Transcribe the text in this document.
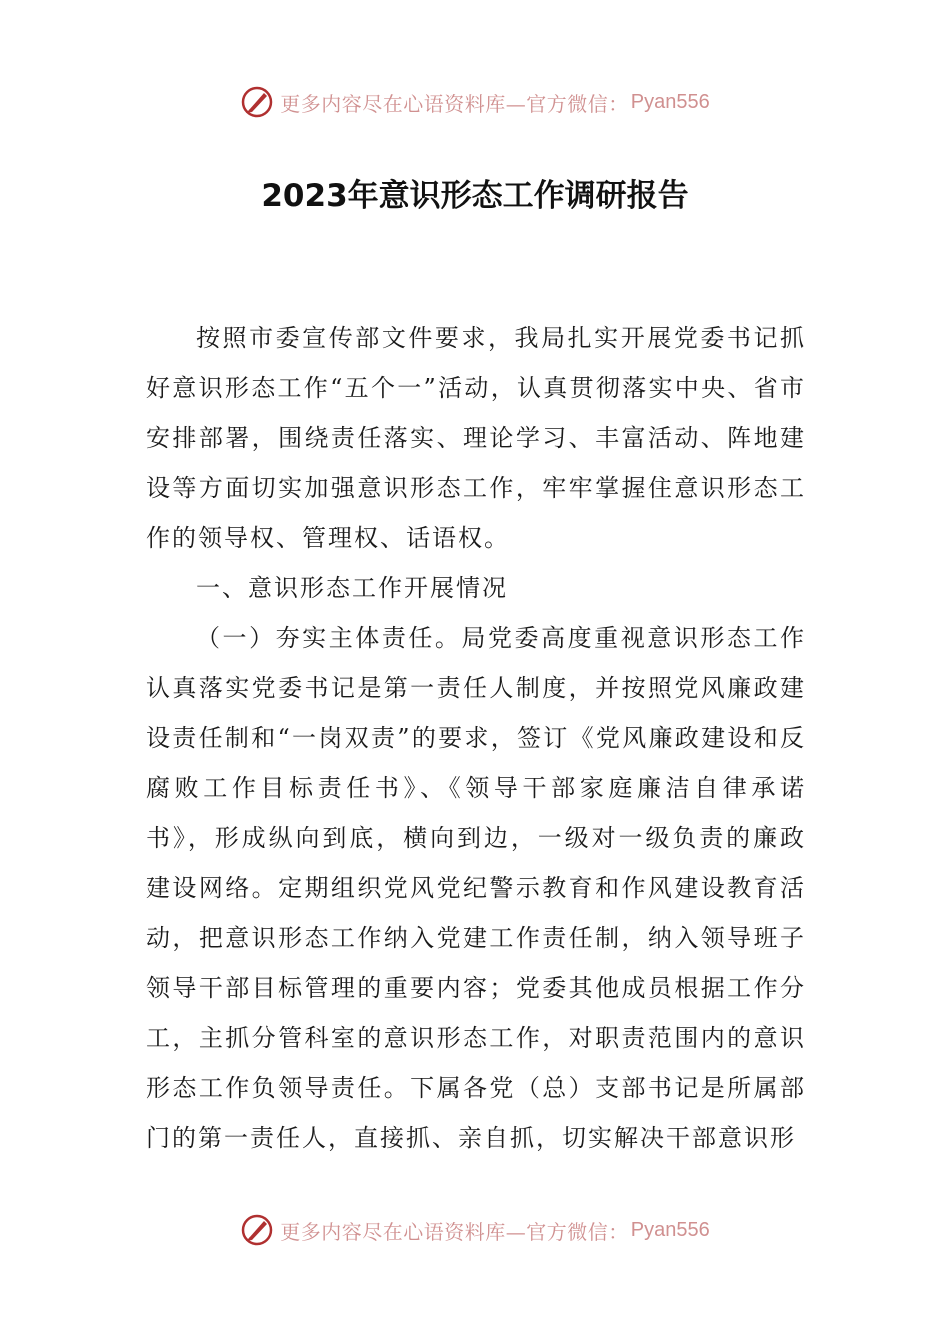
更多内容尽在心语资料库—官方微信： Pyan556
2023年意识形态工作调研报告

按照市委宣传部文件要求，我局扎实开展党委书记抓好意识形态工作“五个一”活动，认真贯彻落实中央、省市安排部署，围绕责任落实、理论学习、丰富活动、阵地建设等方面切实加强意识形态工作，牢牢掌握住意识形态工作的领导权、管理权、话语权。

一、意识形态工作开展情况

（一）夯实主体责任。局党委高度重视意识形态工作认真落实党委书记是第一责任人制度，并按照党风廉政建设责任制和“一岗双责”的要求，签订《党风廉政建设和反腐败工作目标责任书》、《领导干部家庭廉洁自律承诺书》，形成纵向到底，横向到边，一级对一级负责的廉政建设网络。定期组织党风党纪警示教育和作风建设教育活动，把意识形态工作纳入党建工作责任制，纳入领导班子领导干部目标管理的重要内容；党委其他成员根据工作分工，主抓分管科室的意识形态工作，对职责范围内的意识形态工作负领导责任。下属各党（总）支部书记是所属部门的第一责任人，直接抓、亲自抓，切实解决干部意识形

更多内容尽在心语资料库—官方微信： Pyan556
